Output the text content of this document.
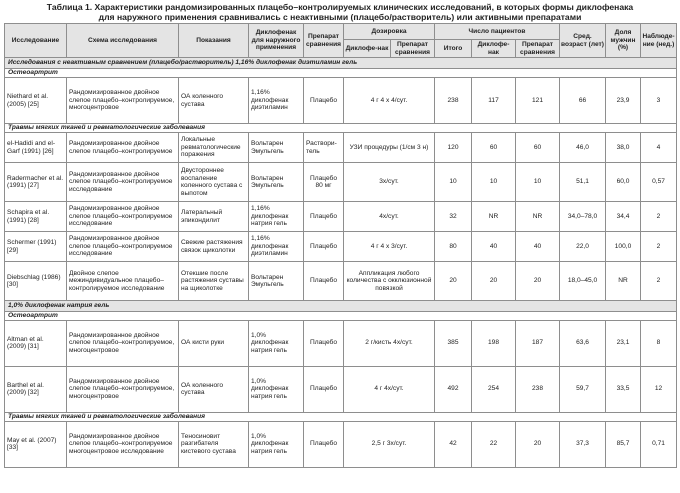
Таблица 1. Характеристики рандомизированных плацебо–контролируемых клинических исследований, в которых формы диклофенака
для наружного применения сравнивались с неактивными (плацебо/растворитель) или активными препаратами
Исследование	Схема исследования	Показания	Диклофенак для наружного применения	Препарат сравнения	Дозировка		Число пациентов			Сред. возраст (лет)	Доля мужчин (%)	Наблюде-ние (нед.)
					Диклофе-нак	Препарат сравнения	Итого	Диклофе-нак	Препарат сравнения			
Исследования с неактивным сравнением (плацебо/растворитель) 1,16% диклофенак диэтиламин гель												
Остеоартрит												
Niethard et al. (2005) [25]	Рандомизированное двойное слепое плацебо–контролируемое, многоцентровое	ОА коленного сустава	1,16% диклофенак диэтиламин	Плацебо	4 г 4 х 4/сут.		238	117	121	66	23,9	3
Травмы мягких тканей и ревматологические заболевания												
el-Hadidi and el-Garf (1991) [26]	Рандомизированное двойное слепое плацебо–контролируемое	Локальные ревматологические поражения	Вольтарен Эмульгель	Раствори-тель	УЗИ процедуры (1/см 3 н)		120	60	60	46,0	38,0	4
Radermacher et al. (1991) [27]	Рандомизированное двойное слепое плацебо–контролируемое исследование	Двустороннее воспаление коленного сустава с выпотом	Вольтарен Эмульгель	Плацебо 80 мг	3x/сут.		10	10	10	51,1	60,0	0,57
Schapira et al. (1991) [28]	Рандомизированное двойное слепое плацебо–контролируемое исследование	Латеральный эпикондилит	1,16% диклофенак натрия гель	Плацебо	4x/сут.		32	NR	NR	34,0–78,0	34,4	2
Schermer (1991) [29]	Рандомизированное двойное слепое плацебо–контролируемое исследование	Свежие растяжения связок щиколотки	1,16% диклофенак диэтиламин	Плацебо	4 г 4 х 3/сут.		80	40	40	22,0	100,0	2
Diebschlag (1986) [30]	Двойное слепое межиндивидуальное плацебо–контролируемое исследование	Отекшие после растяжения суставы на щиколотке	Вольтарен Эмульгель	Плацебо	Аппликация любого количества с окклюзионной повязкой		20	20	20	18,0–45,0	NR	2
1,0% диклофенак натрия гель												
Остеоартрит												
Altman et al. (2009) [31]	Рандомизированное двойное слепое плацебо–контролируемое, многоцентровое	ОА кисти руки	1,0% диклофенак натрия гель	Плацебо	2 г/кисть 4x/сут.		385	198	187	63,6	23,1	8
Barthel et al. (2009) [32]	Рандомизированное двойное слепое плацебо–контролируемое, многоцентровое	ОА коленного сустава	1,0% диклофенак натрия гель	Плацебо	4 г 4x/сут.		492	254	238	59,7	33,5	12
Травмы мягких тканей и ревматологические заболевания												
May et al. (2007) [33]	Рандомизированное двойное слепое плацебо–контролируемое многоцентровое исследование	Теносиновит разгибателя кистевого сустава	1,0% диклофенак натрия гель	Плацебо	2,5 г 3x/сут.		42	22	20	37,3	85,7	0,71
